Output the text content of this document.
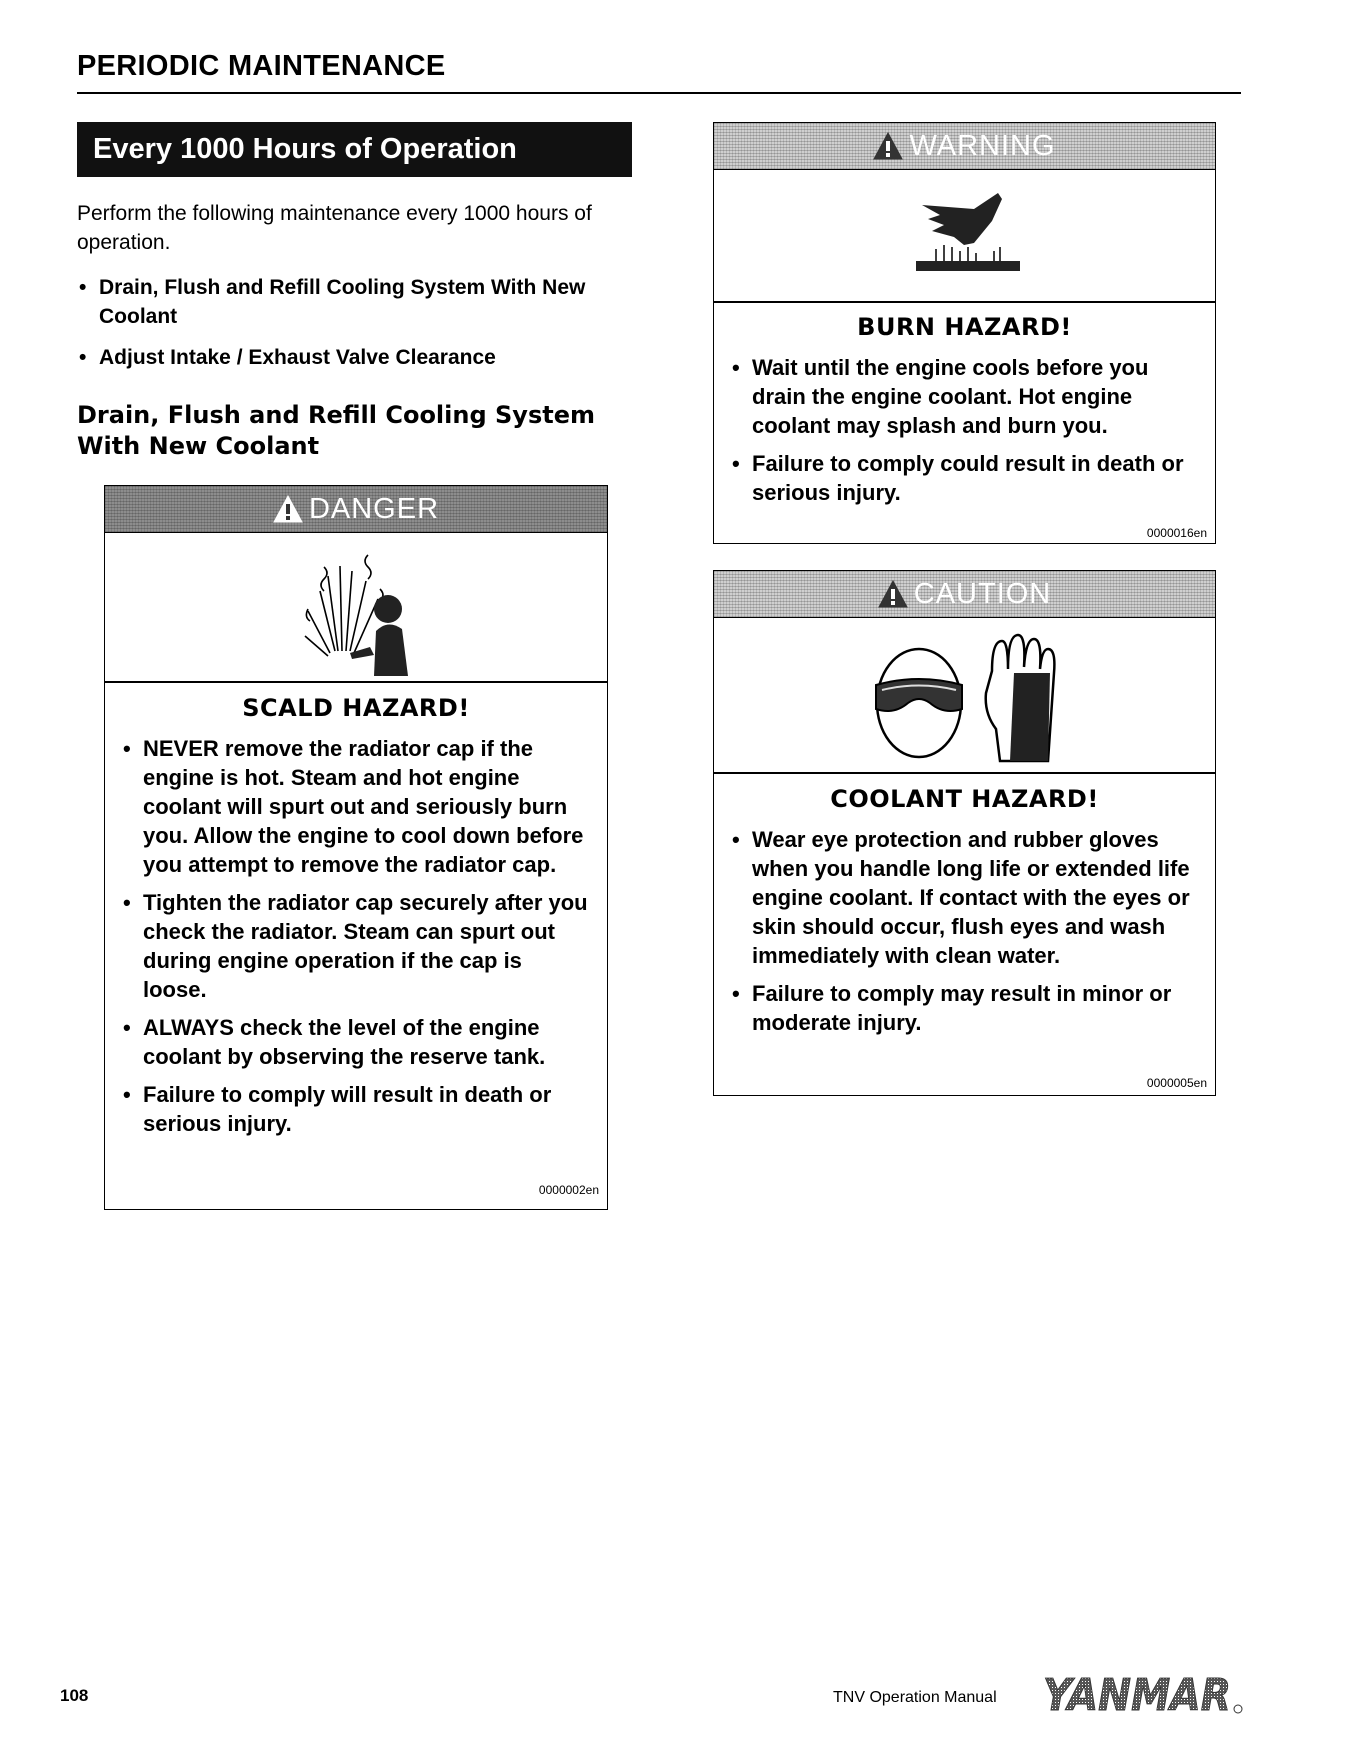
PERIODIC MAINTENANCE
Every 1000 Hours of Operation
Perform the following maintenance every 1000 hours of operation.
• Drain, Flush and Refill Cooling System With New Coolant
• Adjust Intake / Exhaust Valve Clearance
Drain, Flush and Refill Cooling System With New Coolant
DANGER
SCALD HAZARD!
• NEVER remove the radiator cap if the engine is hot. Steam and hot engine coolant will spurt out and seriously burn you. Allow the engine to cool down before you attempt to remove the radiator cap.
• Tighten the radiator cap securely after you check the radiator. Steam can spurt out during engine operation if the cap is loose.
• ALWAYS check the level of the engine coolant by observing the reserve tank.
• Failure to comply will result in death or serious injury.
0000002en
WARNING
BURN HAZARD!
• Wait until the engine cools before you drain the engine coolant. Hot engine coolant may splash and burn you.
• Failure to comply could result in death or serious injury.
0000016en
CAUTION
COOLANT HAZARD!
• Wear eye protection and rubber gloves when you handle long life or extended life engine coolant. If contact with the eyes or skin should occur, flush eyes and wash immediately with clean water.
• Failure to comply may result in minor or moderate injury.
0000005en
108	TNV Operation Manual YANMAR
